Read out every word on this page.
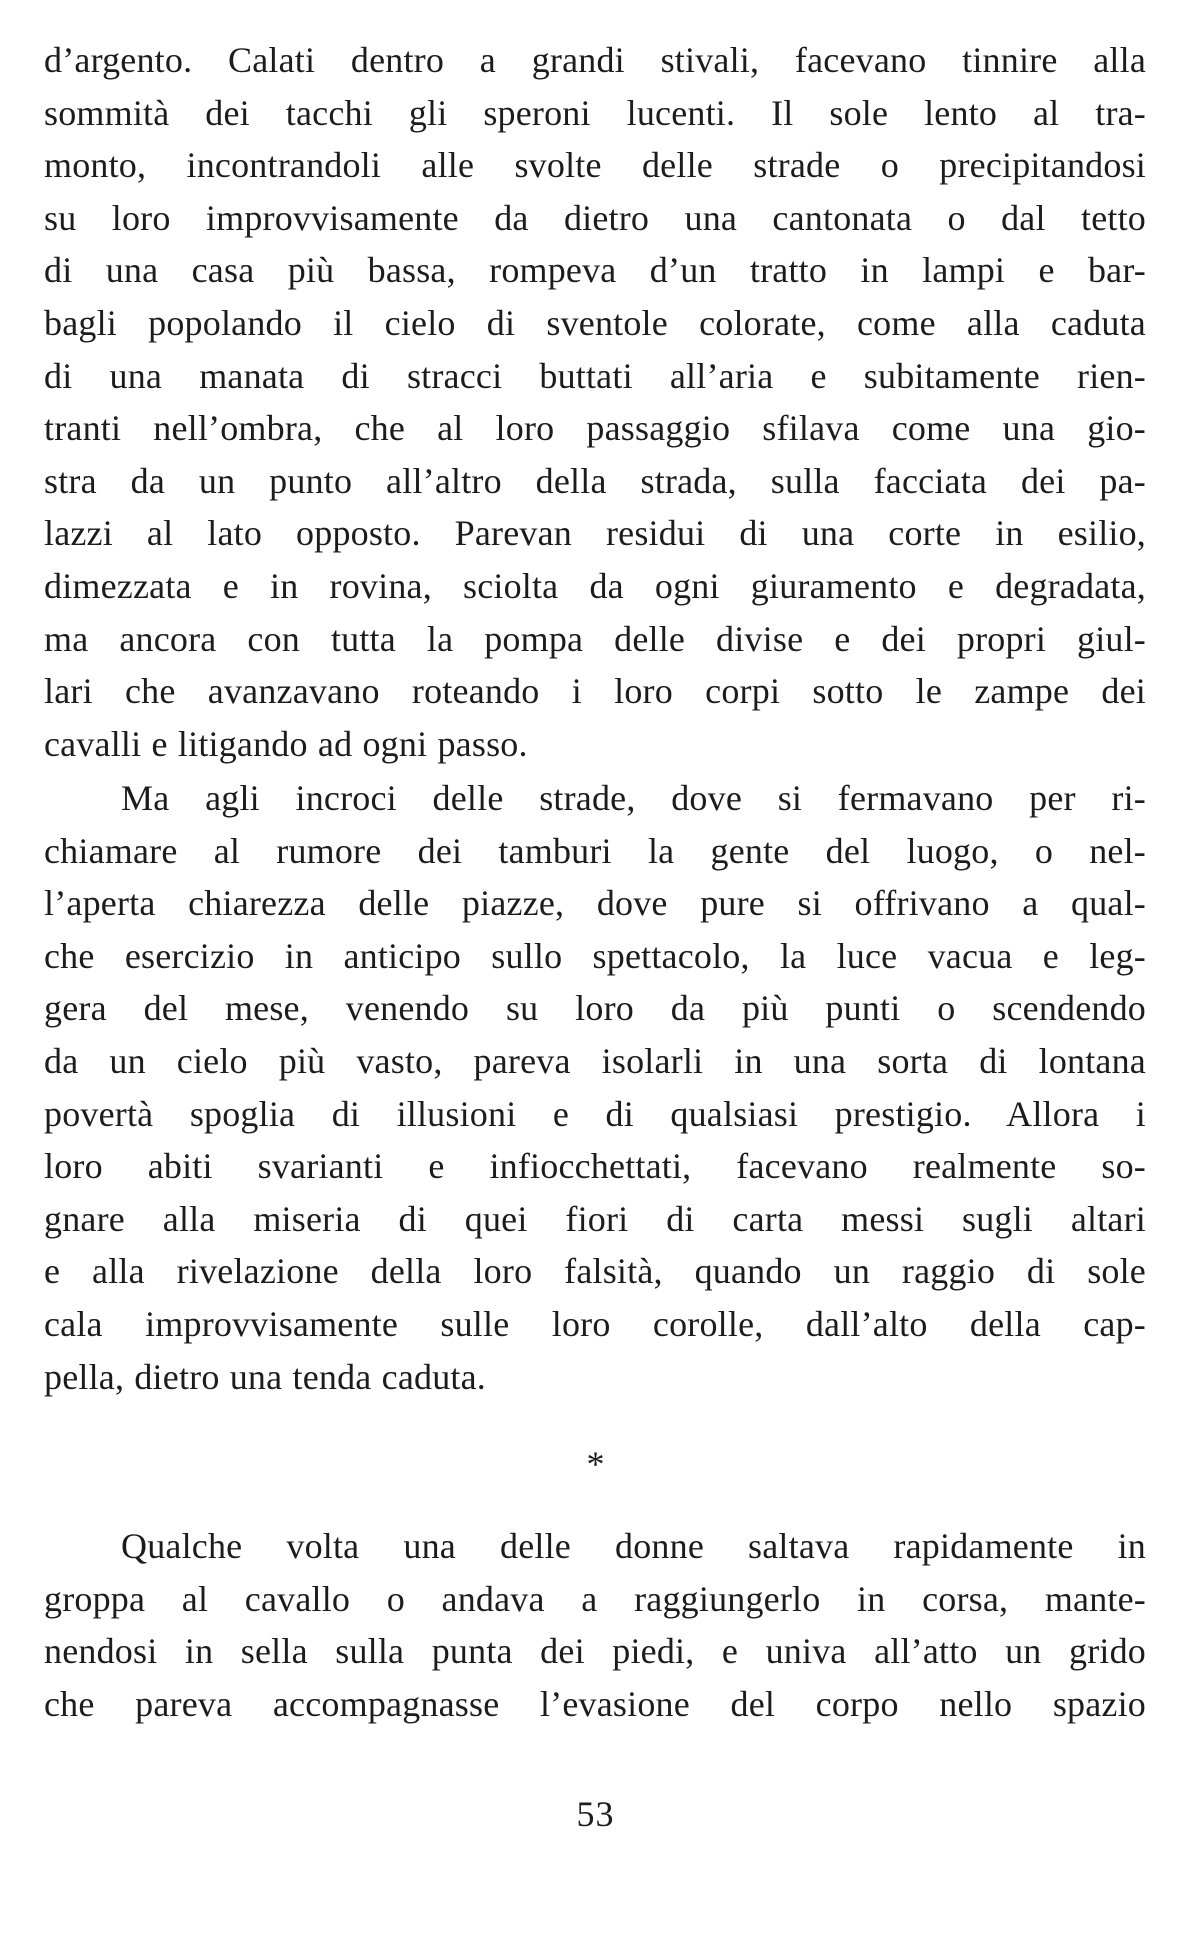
d’argento. Calati dentro a grandi stivali, facevano tinnire alla
sommità dei tacchi gli speroni lucenti. Il sole lento al tra-
monto, incontrandoli alle svolte delle strade o precipitandosi
su loro improvvisamente da dietro una cantonata o dal tetto
di una casa più bassa, rompeva d’un tratto in lampi e bar-
bagli popolando il cielo di sventole colorate, come alla caduta
di una manata di stracci buttati all’aria e subitamente rien-
tranti nell’ombra, che al loro passaggio sfilava come una gio-
stra da un punto all’altro della strada, sulla facciata dei pa-
lazzi al lato opposto. Parevan residui di una corte in esilio,
dimezzata e in rovina, sciolta da ogni giuramento e degradata,
ma ancora con tutta la pompa delle divise e dei propri giul-
lari che avanzavano roteando i loro corpi sotto le zampe dei
cavalli e litigando ad ogni passo.
Ma agli incroci delle strade, dove si fermavano per ri-
chiamare al rumore dei tamburi la gente del luogo, o nel-
l’aperta chiarezza delle piazze, dove pure si offrivano a qual-
che esercizio in anticipo sullo spettacolo, la luce vacua e leg-
gera del mese, venendo su loro da più punti o scendendo
da un cielo più vasto, pareva isolarli in una sorta di lontana
povertà spoglia di illusioni e di qualsiasi prestigio. Allora i
loro abiti svarianti e infiocchettati, facevano realmente so-
gnare alla miseria di quei fiori di carta messi sugli altari
e alla rivelazione della loro falsità, quando un raggio di sole
cala improvvisamente sulle loro corolle, dall’alto della cap-
pella, dietro una tenda caduta.
*
Qualche volta una delle donne saltava rapidamente in
groppa al cavallo o andava a raggiungerlo in corsa, mante-
nendosi in sella sulla punta dei piedi, e univa all’atto un grido
che pareva accompagnasse l’evasione del corpo nello spazio
53
